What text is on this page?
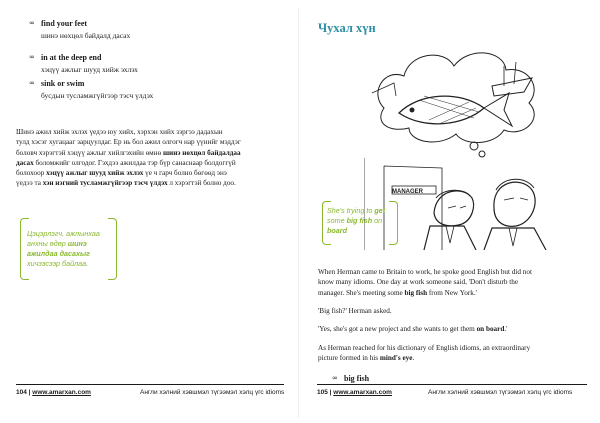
∞ find your feet
шинэ нөхцөл байдалд дасах
∞ in at the deep end
хэцүү ажлыг шууд хийж эхлэх
∞ sink or swim
бусдын тусламжгүйгээр тэсч үлдэх
Шинэ ажил хийж эхлэх үедээ юу хийх, хэрхэн хийх зэргээ дадахын
тулд хэсэг хугацааг зарцуулдаг. Ер нь бол ажил олгогч нар үүнийг мэддэг
боловч хэрэгтэй хэцүү ажлыг хийлгэхийн өмнө шинэ нөхцөл байдалдаа
дасах боломжийг олгодог. Гэхдээ ажилдаа тэр бүр санаснаар болдоггүй
болохоор хэцүү ажлыг шууд хийж эхлэх үе ч гарч болно бөгөөд энэ
үедээ та хэн нэгний тусламжгүйгээр тэсч үлдэх л хэрэгтэй болно доо.
Цэцэрлэгч, ажлынхаа
анхны өдөр шинэ
ажилдаа дасахыг
хичээсээр байлаа.
104 | www.amarxan.com	Англи хэлний хэвшмэл түгээмэл хэлц үгс idioms
Чухал хүн
MANAGER
She's trying to get
some big fish on
board
When Herman came to Britain to work, he spoke good English but did not
know many idioms. One day at work someone said, 'Don't disturb the
manager. She's meeting some big fish from New York.'
'Big fish?' Herman asked.
'Yes, she's got a new project and she wants to get them on board.'
As Herman reached for his dictionary of English idioms, an extraordinary
picture formed in his mind's eye.
∞ big fish
105 | www.amarxan.com	Англи хэлний хэвшмэл түгээмэл хэлц үгс idioms
